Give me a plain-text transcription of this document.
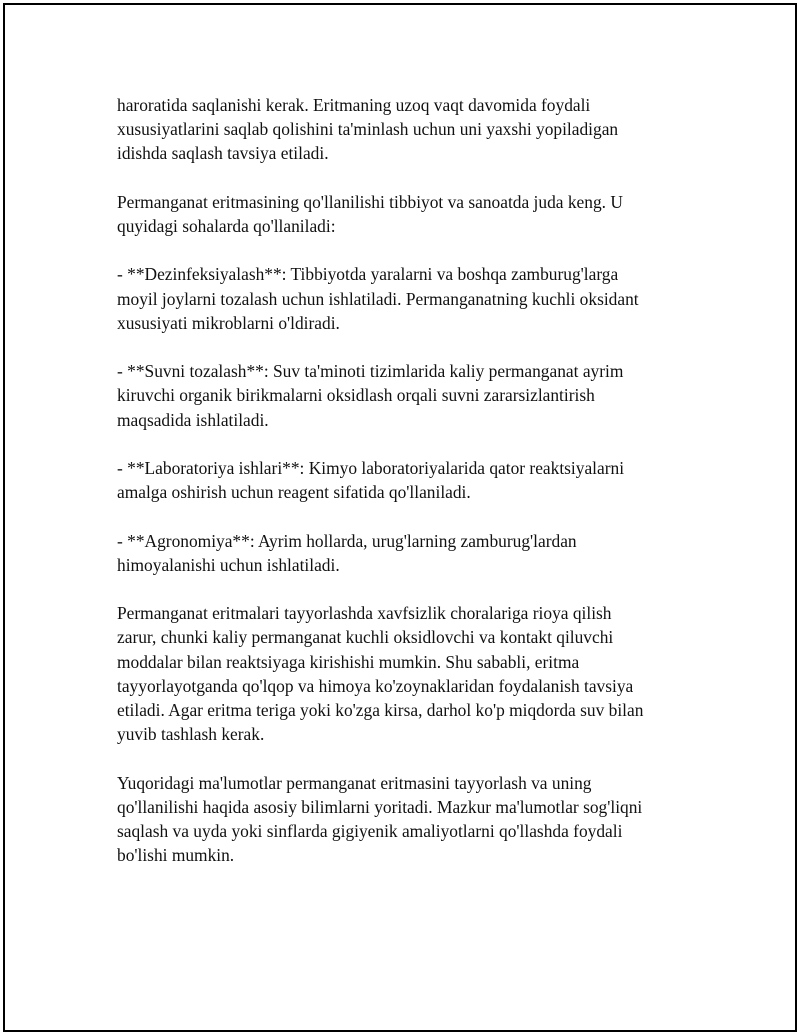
haroratida saqlanishi kerak. Eritmaning uzoq vaqt davomida foydali
xususiyatlarini saqlab qolishini ta'minlash uchun uni yaxshi yopiladigan
idishda saqlash tavsiya etiladi.

Permanganat eritmasining qo'llanilishi tibbiyot va sanoatda juda keng. U
quyidagi sohalarda qo'llaniladi:

- **Dezinfeksiyalash**: Tibbiyotda yaralarni va boshqa zamburug'larga
moyil joylarni tozalash uchun ishlatiladi. Permanganatning kuchli oksidant
xususiyati mikroblarni o'ldiradi.

- **Suvni tozalash**: Suv ta'minoti tizimlarida kaliy permanganat ayrim
kiruvchi organik birikmalarni oksidlash orqali suvni zararsizlantirish
maqsadida ishlatiladi.

- **Laboratoriya ishlari**: Kimyo laboratoriyalarida qator reaktsiyalarni
amalga oshirish uchun reagent sifatida qo'llaniladi.

- **Agronomiya**: Ayrim hollarda, urug'larning zamburug'lardan
himoyalanishi uchun ishlatiladi.

Permanganat eritmalari tayyorlashda xavfsizlik choralariga rioya qilish
zarur, chunki kaliy permanganat kuchli oksidlovchi va kontakt qiluvchi
moddalar bilan reaktsiyaga kirishishi mumkin. Shu sababli, eritma
tayyorlayotganda qo'lqop va himoya ko'zoynaklaridan foydalanish tavsiya
etiladi. Agar eritma teriga yoki ko'zga kirsa, darhol ko'p miqdorda suv bilan
yuvib tashlash kerak.

Yuqoridagi ma'lumotlar permanganat eritmasini tayyorlash va uning
qo'llanilishi haqida asosiy bilimlarni yoritadi. Mazkur ma'lumotlar sog'liqni
saqlash va uyda yoki sinflarda gigiyenik amaliyotlarni qo'llashda foydali
bo'lishi mumkin.
